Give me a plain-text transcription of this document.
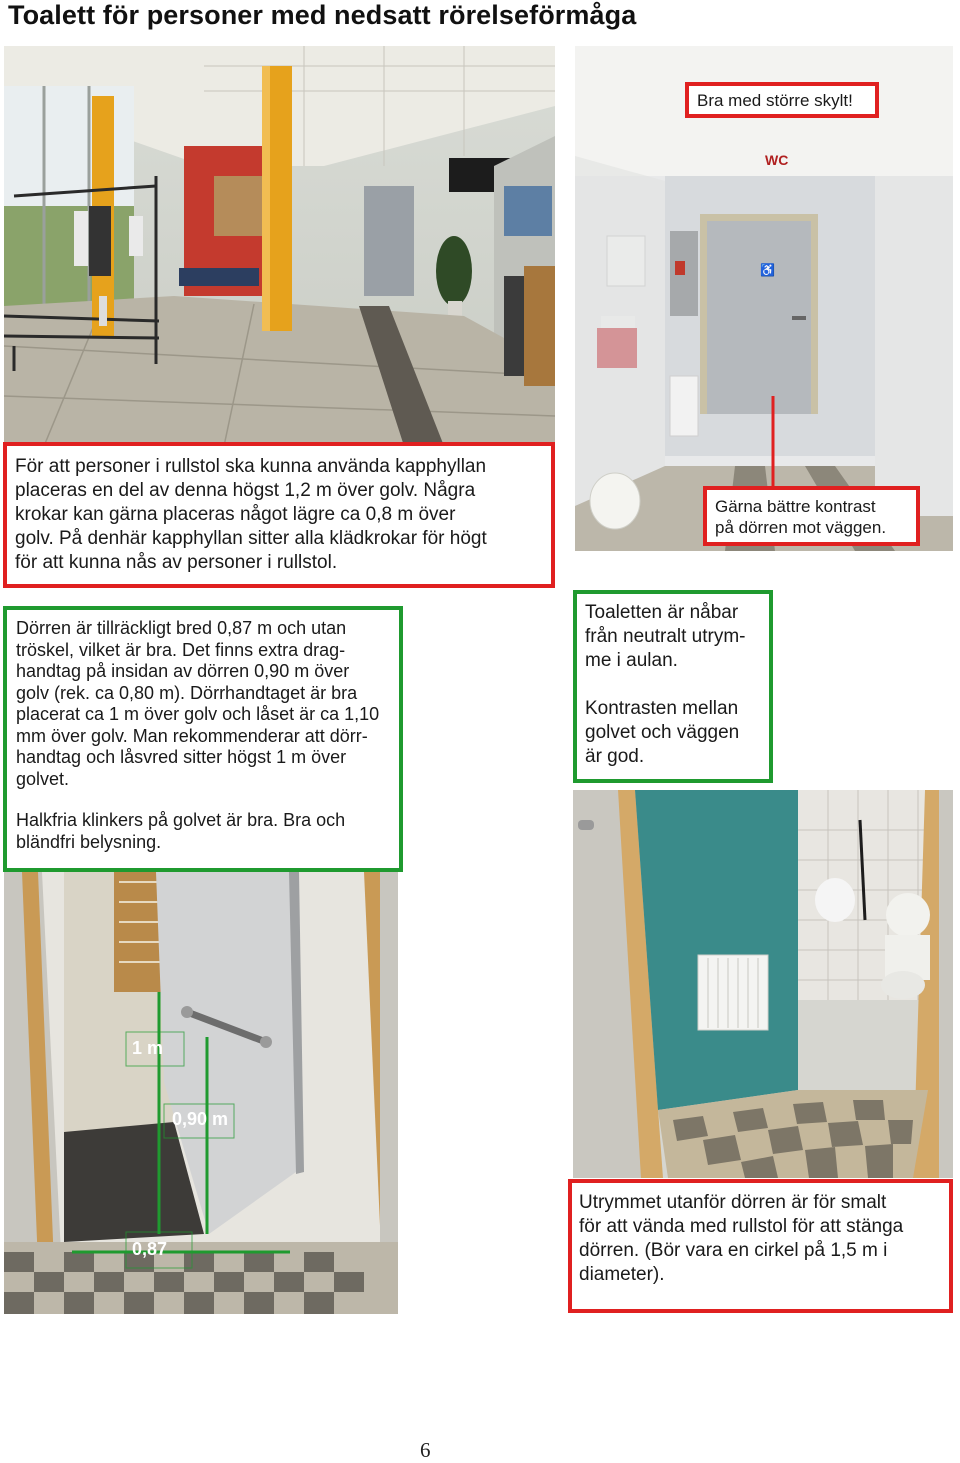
Toalett för personer med nedsatt rörelseförmåga
♿
WC

Bra med större skylt!

För att personer i rullstol ska kunna använda kapphyllan
placeras en del av denna högst 1,2 m över golv. Några
krokar kan gärna placeras något lägre ca 0,8 m över
golv. På denhär kapphyllan sitter alla klädkrokar för högt
för att kunna nås av personer i rullstol.

Gärna bättre kontrast
på dörren mot väggen.

Dörren är tillräckligt bred 0,87 m och utan
tröskel, vilket är bra. Det finns extra drag-
handtag på insidan av dörren 0,90 m över
golv (rek. ca 0,80 m). Dörrhandtaget är bra
placerat ca 1 m över golv och låset är ca 1,10
mm över golv. Man rekommenderar att dörr-
handtag och låsvred sitter högst 1 m över
golvet.

Halkfria klinkers på golvet är bra. Bra och
bländfri belysning.

Toaletten är nåbar
från neutralt utrym-
me i aulan.

Kontrasten mellan
golvet och väggen
är god.

1 m
0,90 m
0,87

Utrymmet utanför dörren är för smalt
för att vända med rullstol för att stänga
dörren. (Bör vara en cirkel på 1,5 m i
diameter).

6
